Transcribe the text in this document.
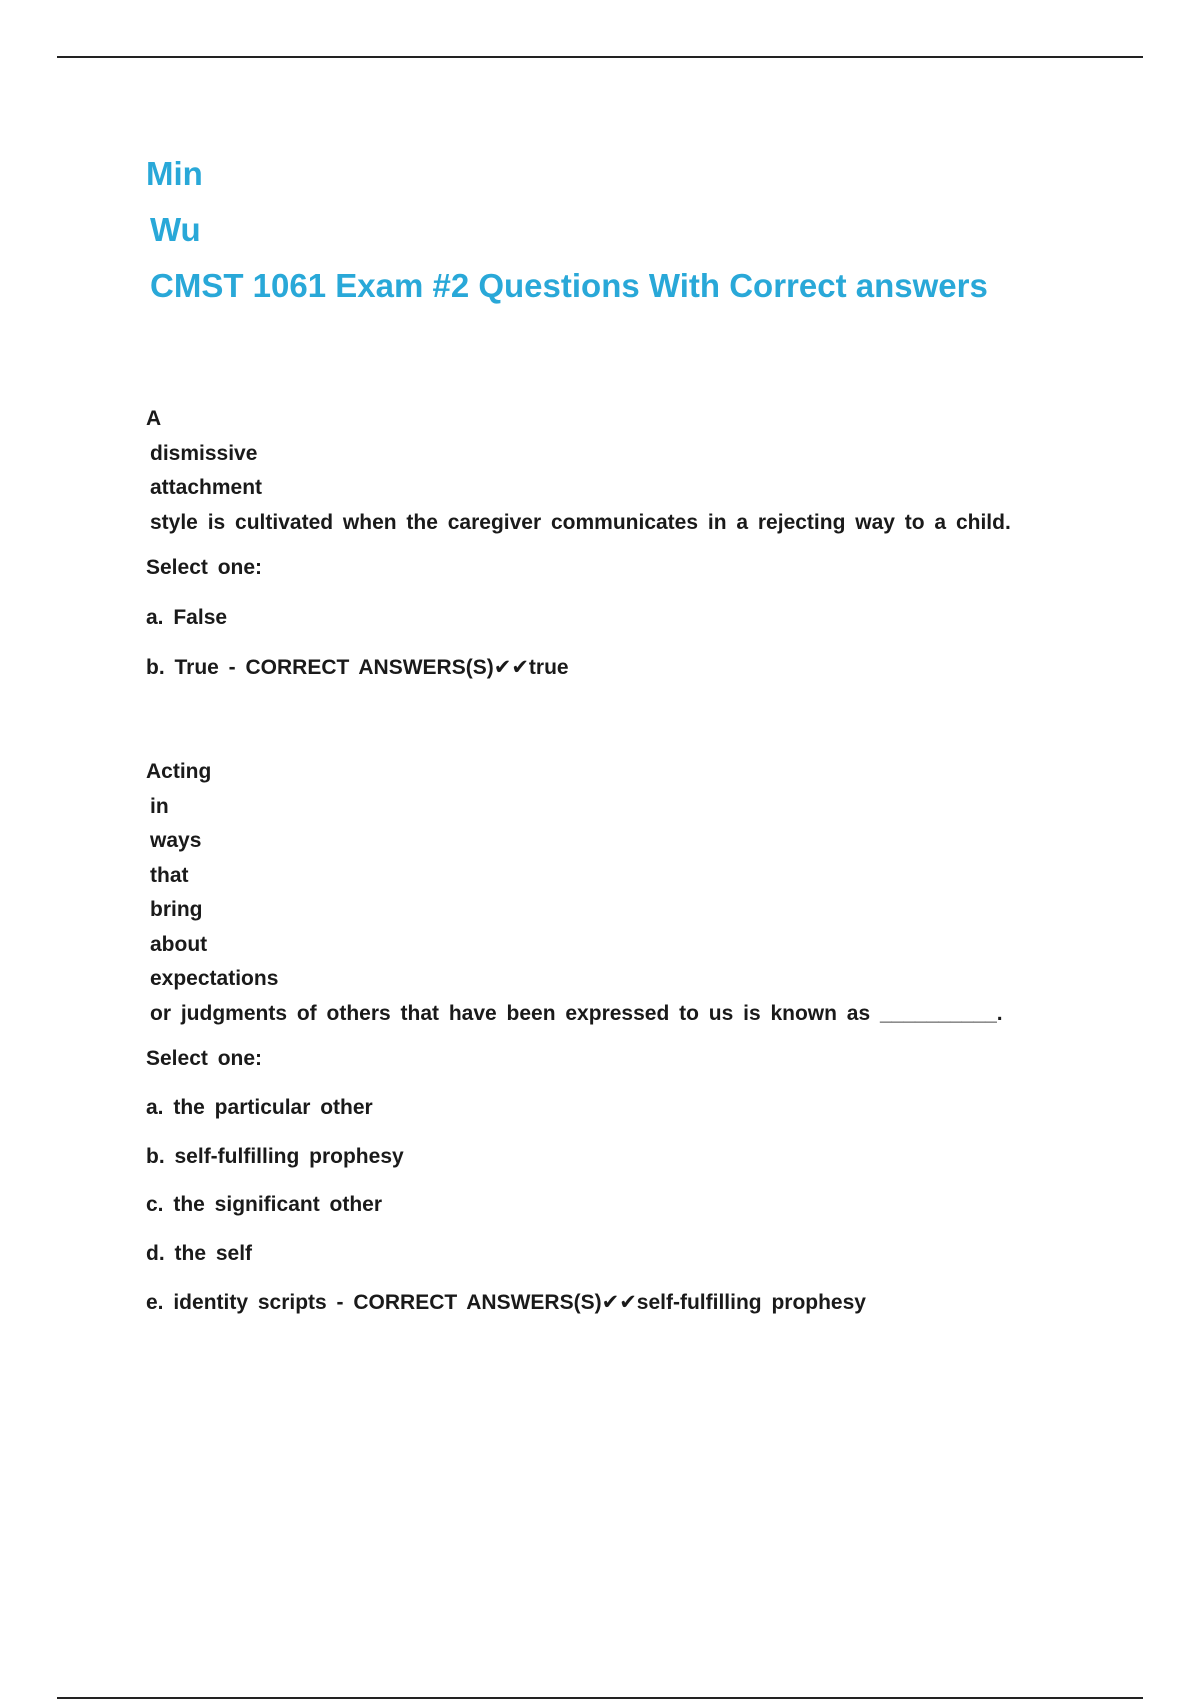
Min
Wu
CMST 1061 Exam #2 Questions With Correct answers
A
dismissive
attachment
style is cultivated when the caregiver communicates in a rejecting way to a child.
Select one:
a. False
b. True - CORRECT ANSWERS(S)✔✔true
Acting
in
ways
that
bring
about
expectations
or judgments of others that have been expressed to us is known as __________.
Select one:
a. the particular other
b. self-fulfilling prophesy
c. the significant other
d. the self
e. identity scripts - CORRECT ANSWERS(S)✔✔self-fulfilling prophesy
